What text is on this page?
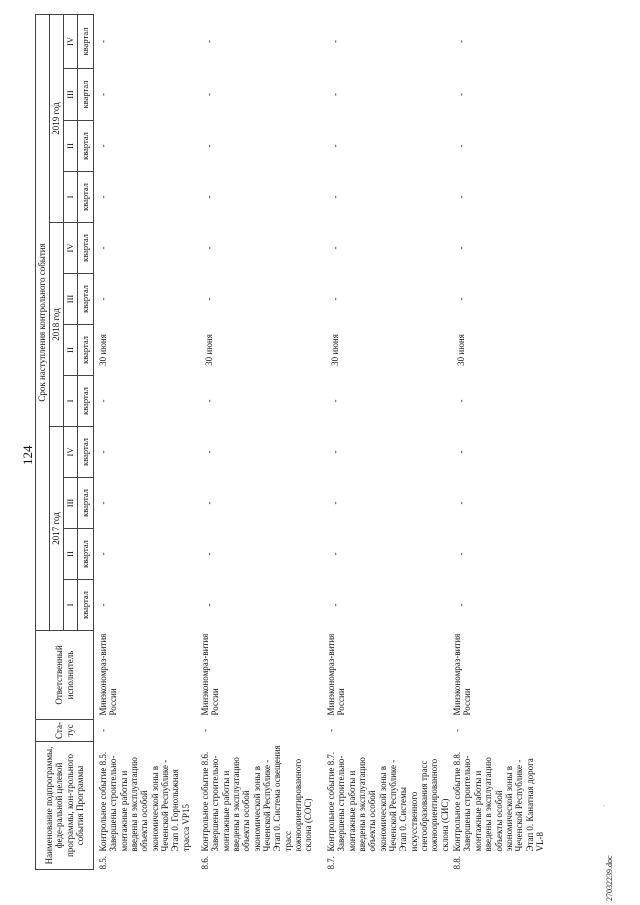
124
Наименование подпрограммы, феде-ральной целевой программы, кон-трольного события Программы		Ста-тус	Ответственный исполнитель	Срок наступления контрольного события											
				2017 год				2018 год				2019 год			
				I	II	III	IV	I	II	III	IV	I	II	III	IV
				квартал	квартал	квартал	квартал	квартал	квартал	квартал	квартал	квартал	квартал	квартал	квартал
8.5.	Контрольное событие 8.5. Завершены строительно-монтажные работы и введены в эксплуатацию объекты особой экономической зоны в Чеченской Республике - Этап 0. Горнолыжная трасса VP15	-	Минэкономраз-вития России	-	-	-	-	-	30 июня	-	-	-	-	-	-
8.6.	Контрольное событие 8.6. Завершены строительно-монтажные работы и введены в эксплуатацию объекты особой экономической зоны в Чеченской Республике - Этап 0. Система освещения трасс южноориентированного склона (СОС)	-	Минэкономраз-вития России	-	-	-	-	-	30 июня	-	-	-	-	-	-
8.7.	Контрольное событие 8.7. Завершены строительно-монтажные работы и введены в эксплуатацию объекты особой экономической зоны в Чеченской Республике - Этап 0. Системы искусственного снегообразования трасс южноориентированного склона (СИС)	-	Минэкономраз-вития России	-	-	-	-	-	30 июня	-	-	-	-	-	-
8.8.	Контрольное событие 8.8. Завершены строительно-монтажные работы и введены в эксплуатацию объекты особой экономической зоны в Чеченской Республике - Этап 0. Канатная дорога VL-8	-	Минэкономраз-вития России	-	-	-	-	-	30 июня	-	-	-	-	-	-
·
27032239.doc
